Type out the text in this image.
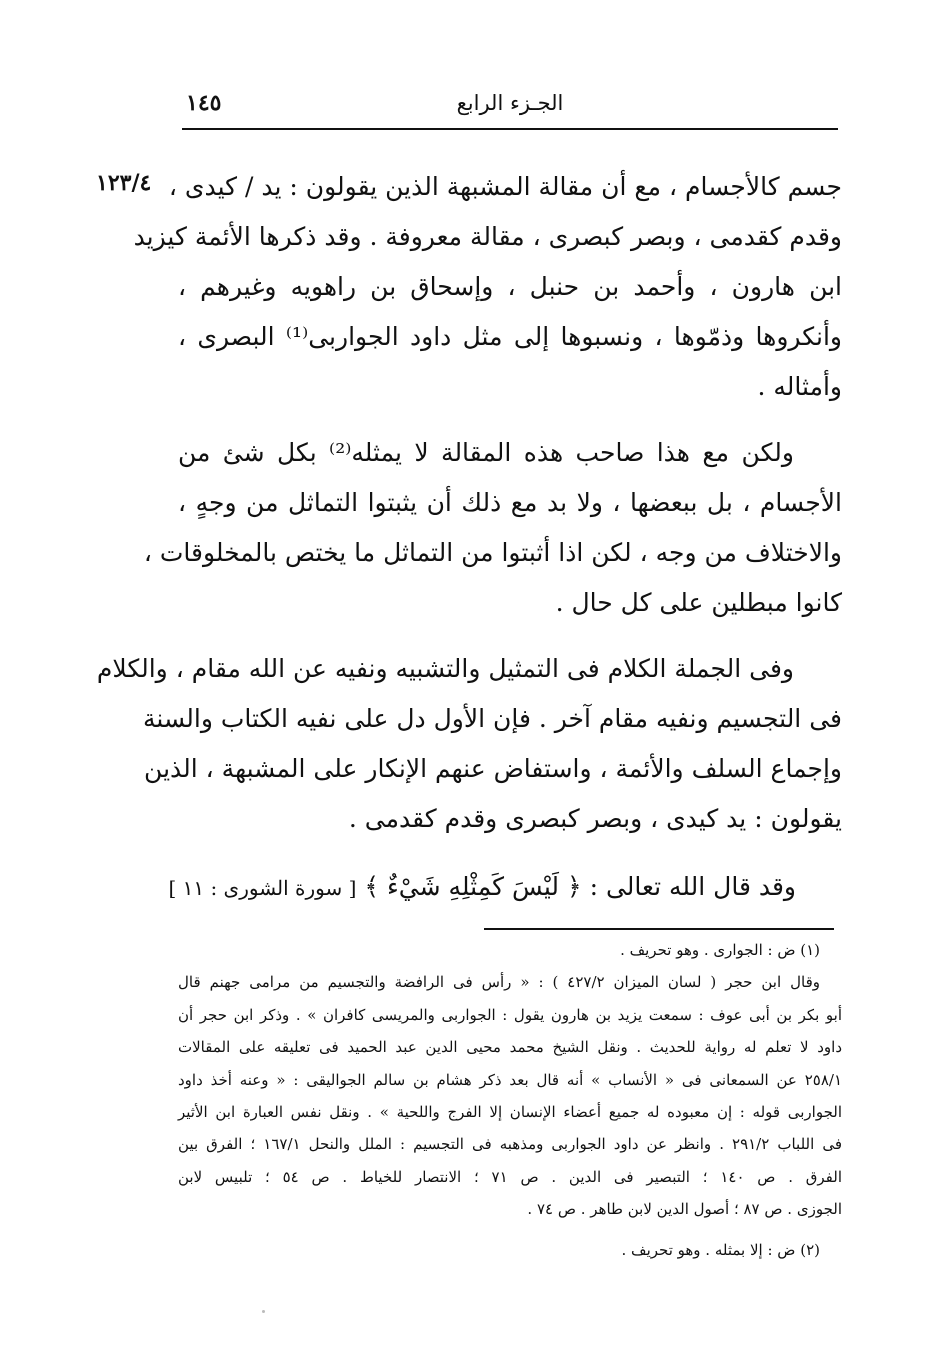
الجـزء الرابع
١٤٥
١٢٣/٤ جسم كالأجسام ، مع أن مقالة المشبهة الذين يقولون : يد / كيدى ،
وقدم كقدمى ، وبصر كبصرى ، مقالة معروفة . وقد ذكرها الأئمة كيزيد
ابن هارون ، وأحمد بن حنبل ، وإسحاق بن راهويه وغيرهم ،
وأنكروها وذمّوها ، ونسبوها إلى مثل داود الجواربى⁽¹⁾ البصرى ،
وأمثاله .
ولكن مع هذا صاحب هذه المقالة لا يمثله⁽²⁾ بكل شئ من
الأجسام ، بل ببعضها ، ولا بد مع ذلك أن يثبتوا التماثل من وجهٍ ،
والاختلاف من وجه ، لكن اذا أثبتوا من التماثل ما يختص بالمخلوقات ،
كانوا مبطلين على كل حال .
وفى الجملة الكلام فى التمثيل والتشبيه ونفيه عن الله مقام ، والكلام
فى التجسيم ونفيه مقام آخر . فإن الأول دل على نفيه الكتاب والسنة
وإجماع السلف والأئمة ، واستفاض عنهم الإنكار على المشبهة ، الذين
يقولون : يد كيدى ، وبصر كبصرى وقدم كقدمى .
وقد قال الله تعالى : ﴿ لَيْسَ كَمِثْلِهِ شَيْءٌ ﴾ [ سورة الشورى : ١١ ]
(١) ض : الجوارى . وهو تحريف .
وقال ابن حجر ( لسان الميزان ٤٢٧/٢ ) : « رأس فى الرافضة والتجسيم من مرامى جهنم قال
أبو بكر بن أبى عوف : سمعت يزيد بن هارون يقول : الجواربى والمريسى كافران » . وذكر ابن حجر أن
داود لا تعلم له رواية للحديث . ونقل الشيخ محمد محيى الدين عبد الحميد فى تعليقه على المقالات
٢٥٨/١ عن السمعانى فى « الأنساب » أنه قال بعد ذكر هشام بن سالم الجواليقى : « وعنه أخذ داود
الجواربى قوله : إن معبوده له جميع أعضاء الإنسان إلا الفرج واللحية » . ونقل نفس العبارة ابن الأثير
فى اللباب ٢٩١/٢ . وانظر عن داود الجواربى ومذهبه فى التجسيم : الملل والنحل ١٦٧/١ ؛ الفرق بين
الفرق . ص ١٤٠ ؛ التبصير فى الدين . ص ٧١ ؛ الانتصار للخياط . ص ٥٤ ؛ تلبيس لابن
الجوزى . ص ٨٧ ؛ أصول الدين لابن طاهر . ص ٧٤ .
(٢) ض : إلا بمثله . وهو تحريف .
